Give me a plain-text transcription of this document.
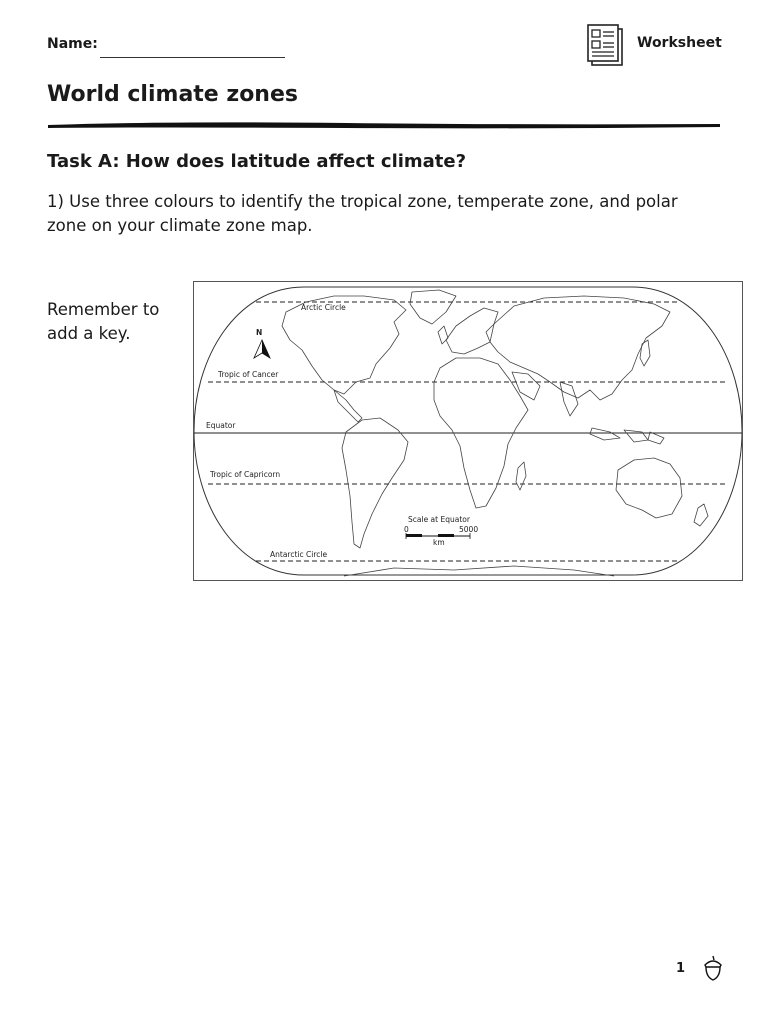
Name:	Worksheet
World climate zones
Task A: How does latitude affect climate?
1) Use three colours to identify the tropical zone, temperate zone, and polar zone on your climate zone map.
Remember to add a key.
Arctic Circle
N
Tropic of Cancer
Equator
Tropic of Capricorn
Antarctic Circle
Scale at Equator
0	5000
km
1
